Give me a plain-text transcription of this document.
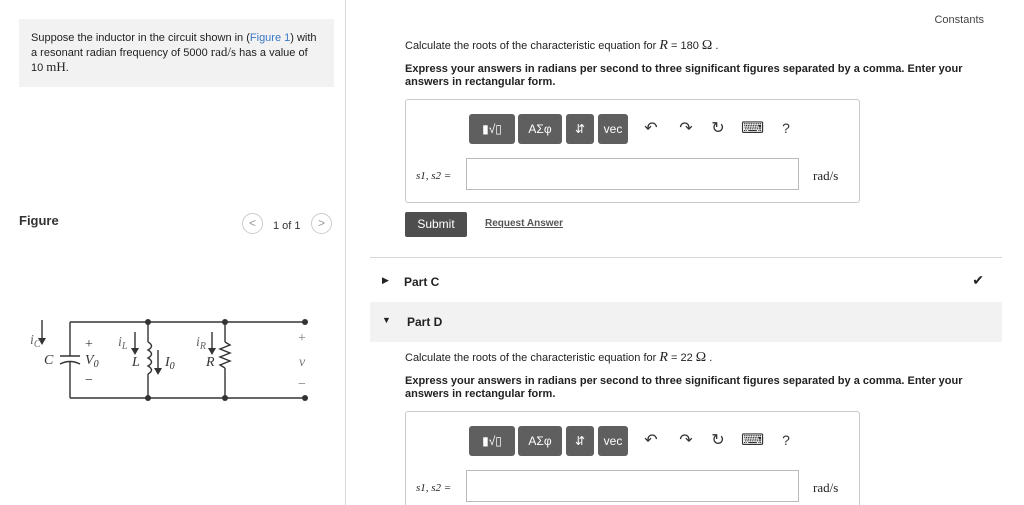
Suppose the inductor in the circuit shown in (Figure 1) with a resonant radian frequency of 5000 rad/s has a value of 10 mH.
Figure	<	1 of 1	>
$i_C$
C
+
$V_0$
−
$i_L$
L $I_0$
$i_R$
R
+
v
−
Constants
Calculate the roots of the characteristic equation for R = 180 Ω .
Express your answers in radians per second to three significant figures separated by a comma. Enter your answers in rectangular form.
▮√▯	ΑΣφ	⇵	vec	↶ ↷ ↻ ⌨	?
s1, s2 =	rad/s
Submit	Request Answer
▶ Part C	✔
▼ Part D
Calculate the roots of the characteristic equation for R = 22 Ω .
Express your answers in radians per second to three significant figures separated by a comma. Enter your answers in rectangular form.
▮√▯	ΑΣφ	⇵	vec	↶ ↷ ↻ ⌨	?
s1, s2 =	rad/s
